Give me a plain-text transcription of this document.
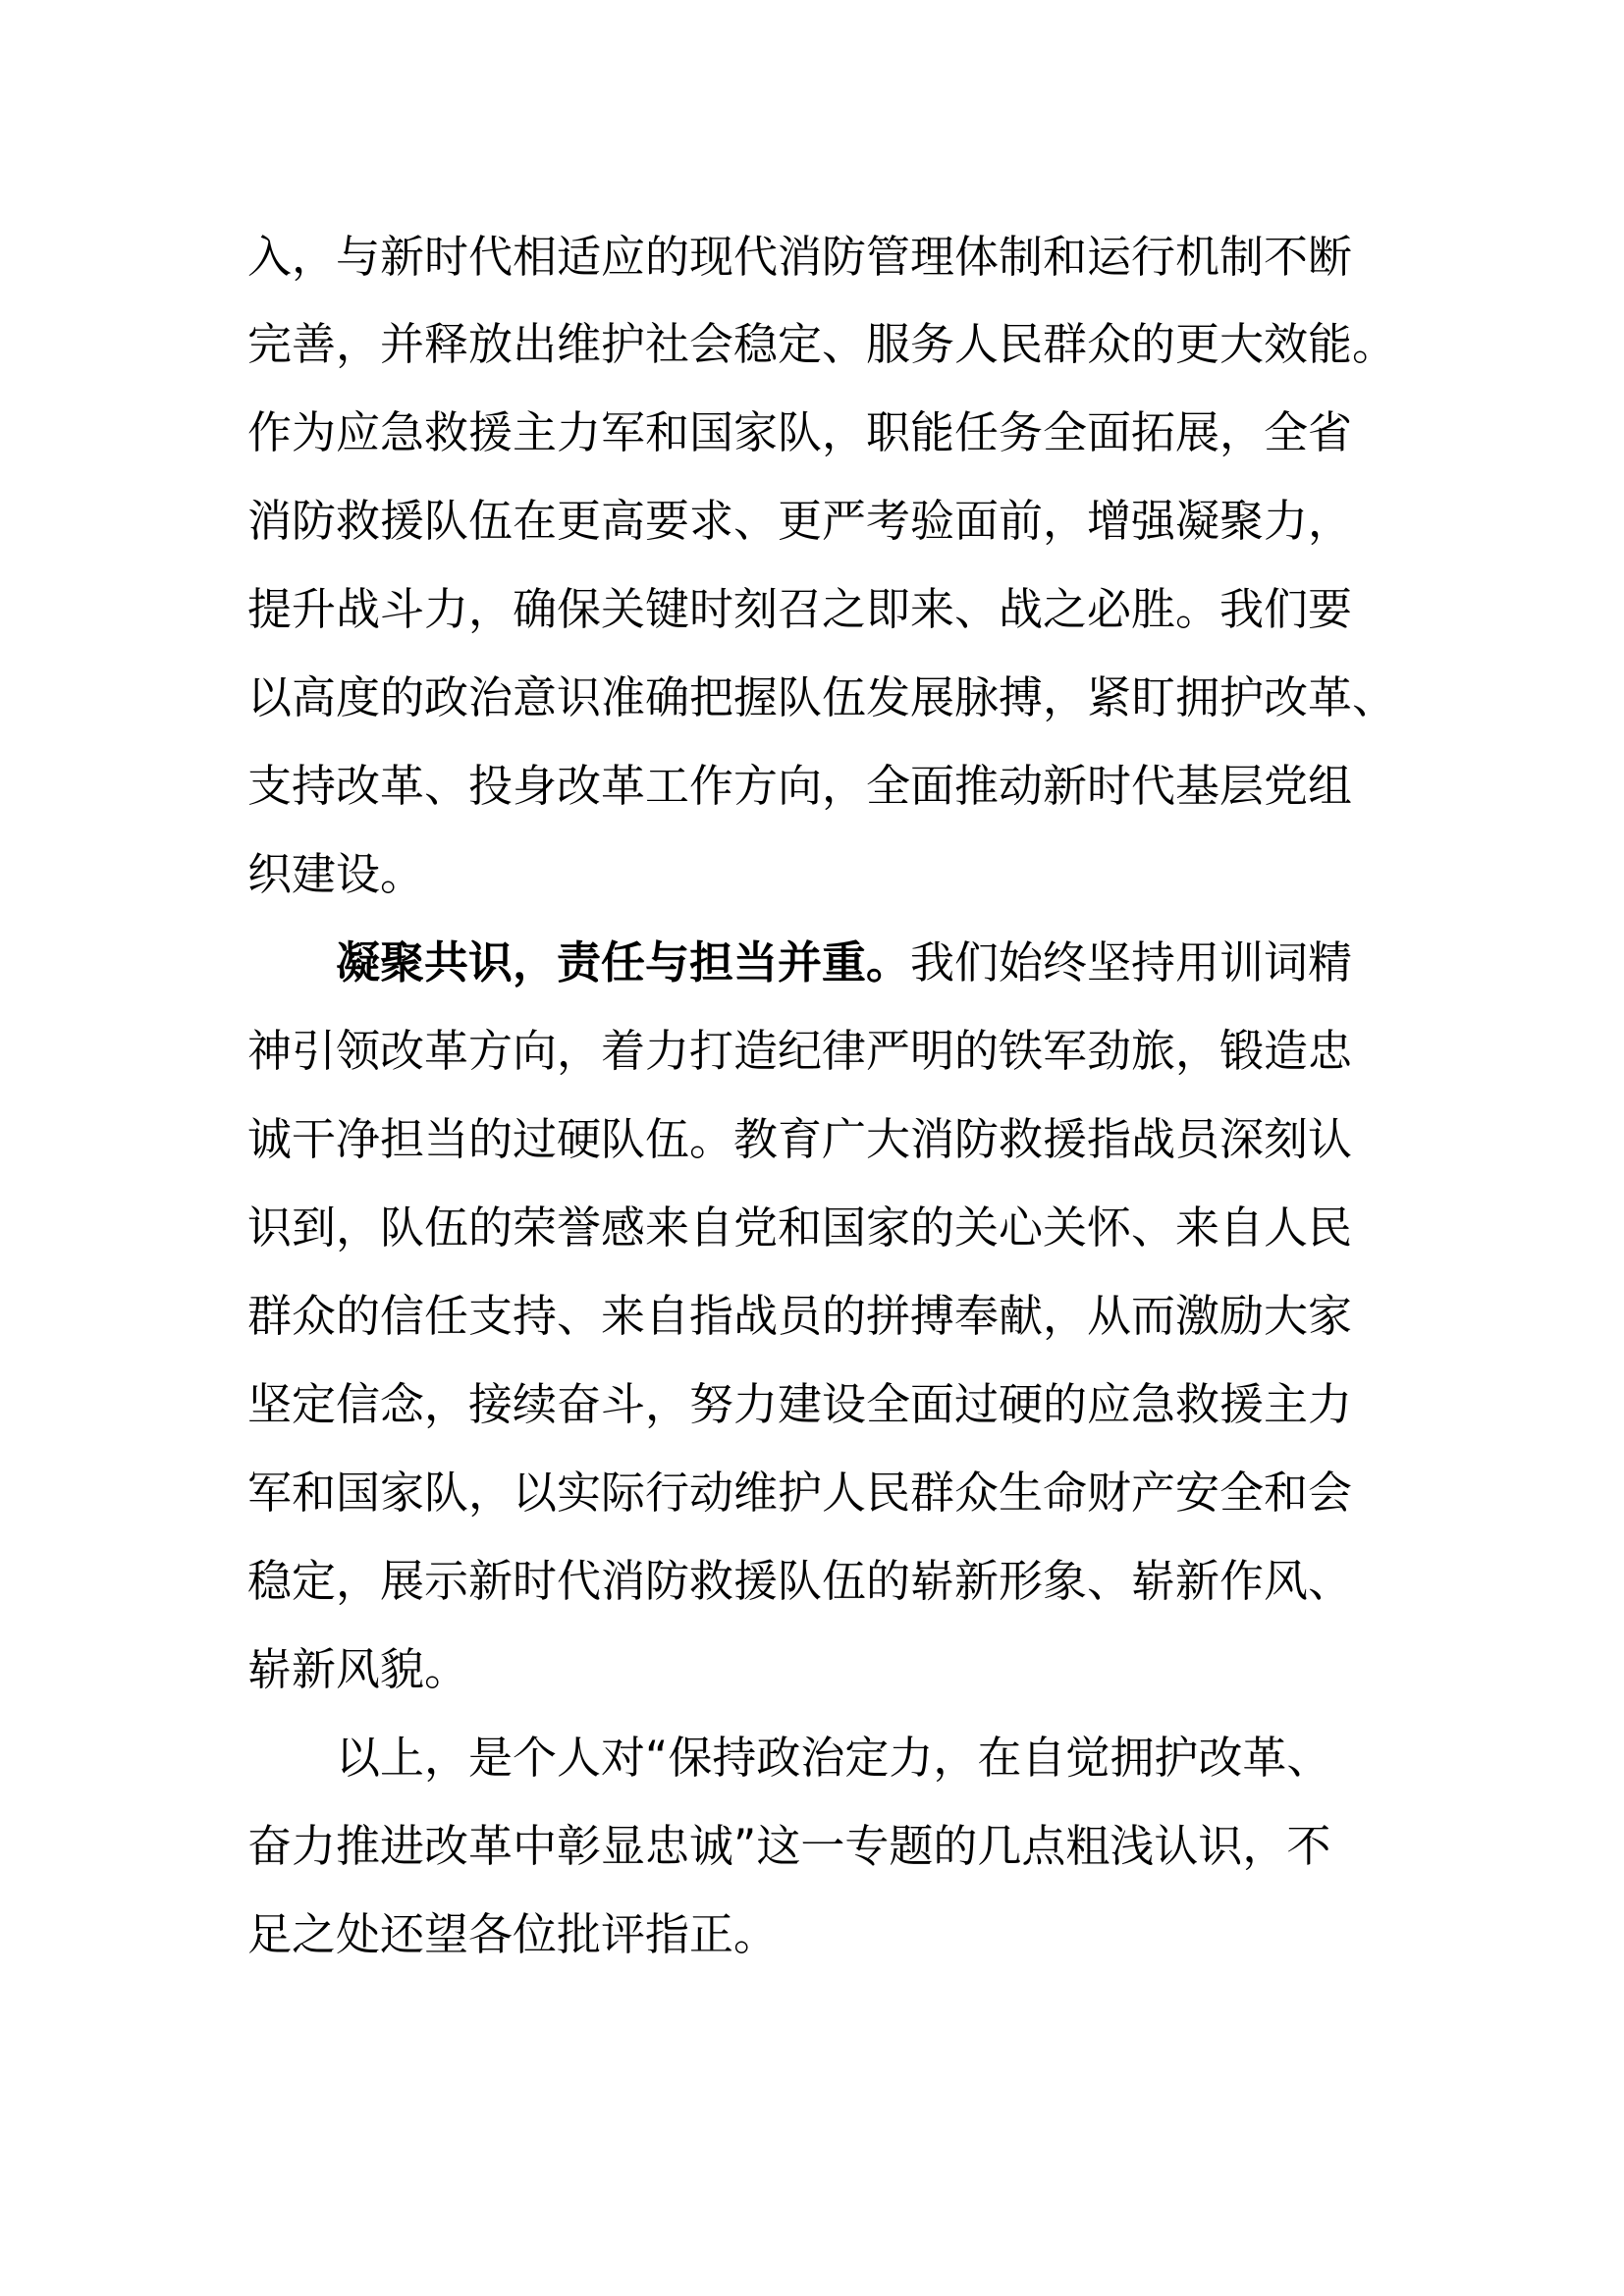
入，与新时代相适应的现代消防管理体制和运行机制不断

完善，并释放出维护社会稳定、服务人民群众的更大效能。

作为应急救援主力军和国家队，职能任务全面拓展，全省

消防救援队伍在更高要求、更严考验面前，增强凝聚力，

提升战斗力，确保关键时刻召之即来、战之必胜。我们要

以高度的政治意识准确把握队伍发展脉搏，紧盯拥护改革、

支持改革、投身改革工作方向，全面推动新时代基层党组

织建设。

凝聚共识，责任与担当并重。我们始终坚持用训词精

神引领改革方向，着力打造纪律严明的铁军劲旅，锻造忠

诚干净担当的过硬队伍。教育广大消防救援指战员深刻认

识到，队伍的荣誉感来自党和国家的关心关怀、来自人民

群众的信任支持、来自指战员的拼搏奉献，从而激励大家

坚定信念，接续奋斗，努力建设全面过硬的应急救援主力

军和国家队，以实际行动维护人民群众生命财产安全和会

稳定，展示新时代消防救援队伍的崭新形象、崭新作风、

崭新风貌。

以上，是个人对“保持政治定力，在自觉拥护改革、

奋力推进改革中彰显忠诚”这一专题的几点粗浅认识，不

足之处还望各位批评指正。
